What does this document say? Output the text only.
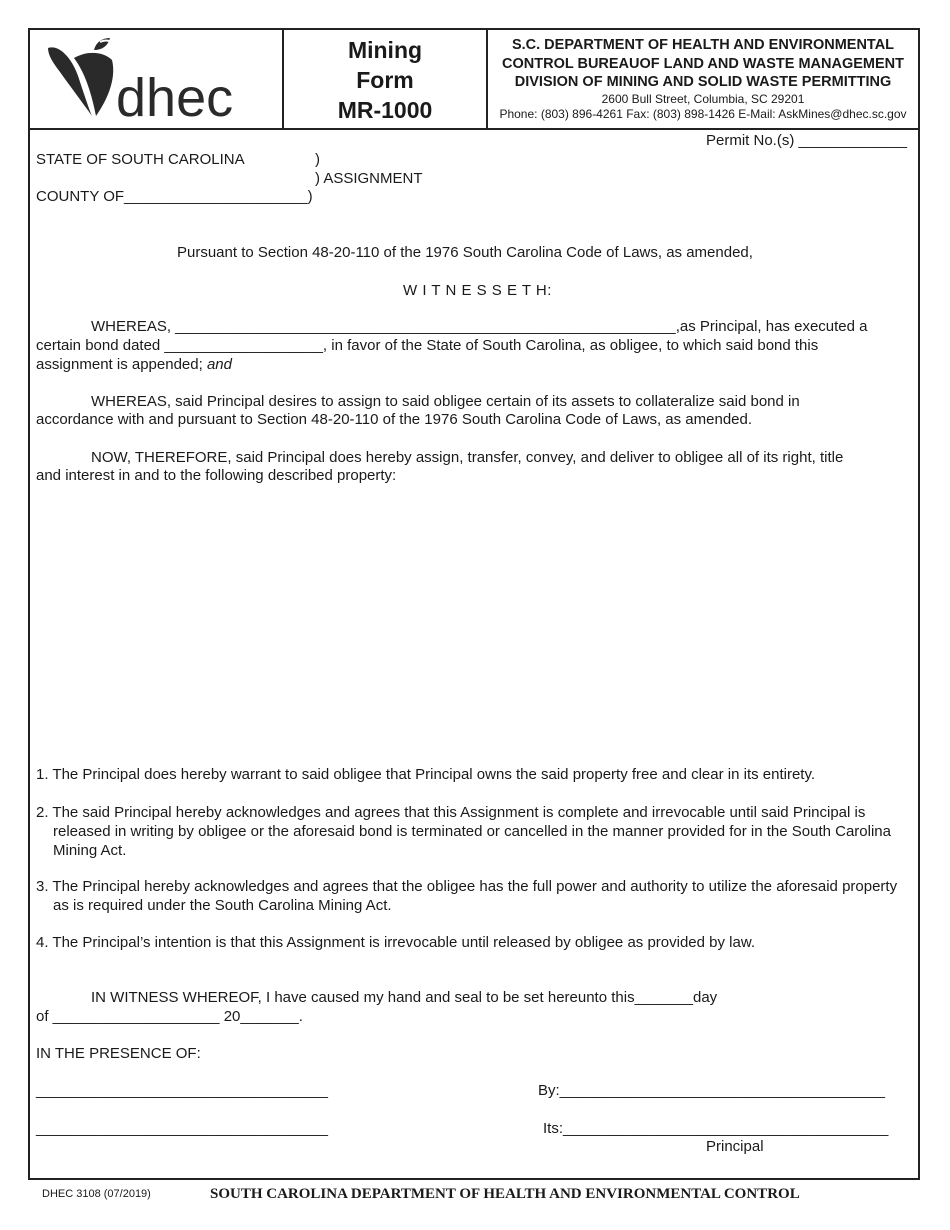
dhec
Mining
Form
MR-1000
S.C. DEPARTMENT OF HEALTH AND ENVIRONMENTAL
CONTROL BUREAUOF LAND AND WASTE MANAGEMENT
DIVISION OF MINING AND SOLID WASTE PERMITTING
2600 Bull Street, Columbia, SC 29201
Phone: (803) 896-4261 Fax: (803) 898-1426 E-Mail: AskMines@dhec.sc.gov
Permit No.(s) _____________
STATE OF SOUTH CAROLINA	)
) ASSIGNMENT
COUNTY OF______________________)
Pursuant to Section 48-20-110 of the 1976 South Carolina Code of Laws, as amended,
W I T N E S S E T H:
WHEREAS, ____________________________________________________________,as Principal, has executed a
certain bond dated ___________________, in favor of the State of South Carolina, as obligee, to which said bond this
assignment is appended; and
WHEREAS, said Principal desires to assign to said obligee certain of its assets to collateralize said bond in
accordance with and pursuant to Section 48-20-110 of the 1976 South Carolina Code of Laws, as amended.
NOW, THEREFORE, said Principal does hereby assign, transfer, convey, and deliver to obligee all of its right, title
and interest in and to the following described property:
1. The Principal does hereby warrant to said obligee that Principal owns the said property free and clear in its entirety.
2. The said Principal hereby acknowledges and agrees that this Assignment is complete and irrevocable until said Principal is released in writing by obligee or the aforesaid bond is terminated or cancelled in the manner provided for in the South Carolina Mining Act.
3. The Principal hereby acknowledges and agrees that the obligee has the full power and authority to utilize the aforesaid property as is required under the South Carolina Mining Act.
4. The Principal’s intention is that this Assignment is irrevocable until released by obligee as provided by law.
IN WITNESS WHEREOF, I have caused my hand and seal to be set hereunto this_______day
of ____________________ 20_______.
IN THE PRESENCE OF:
___________________________________	By:_______________________________________
___________________________________	Its:_______________________________________
Principal
DHEC 3108 (07/2019)	SOUTH CAROLINA DEPARTMENT OF HEALTH AND ENVIRONMENTAL CONTROL
